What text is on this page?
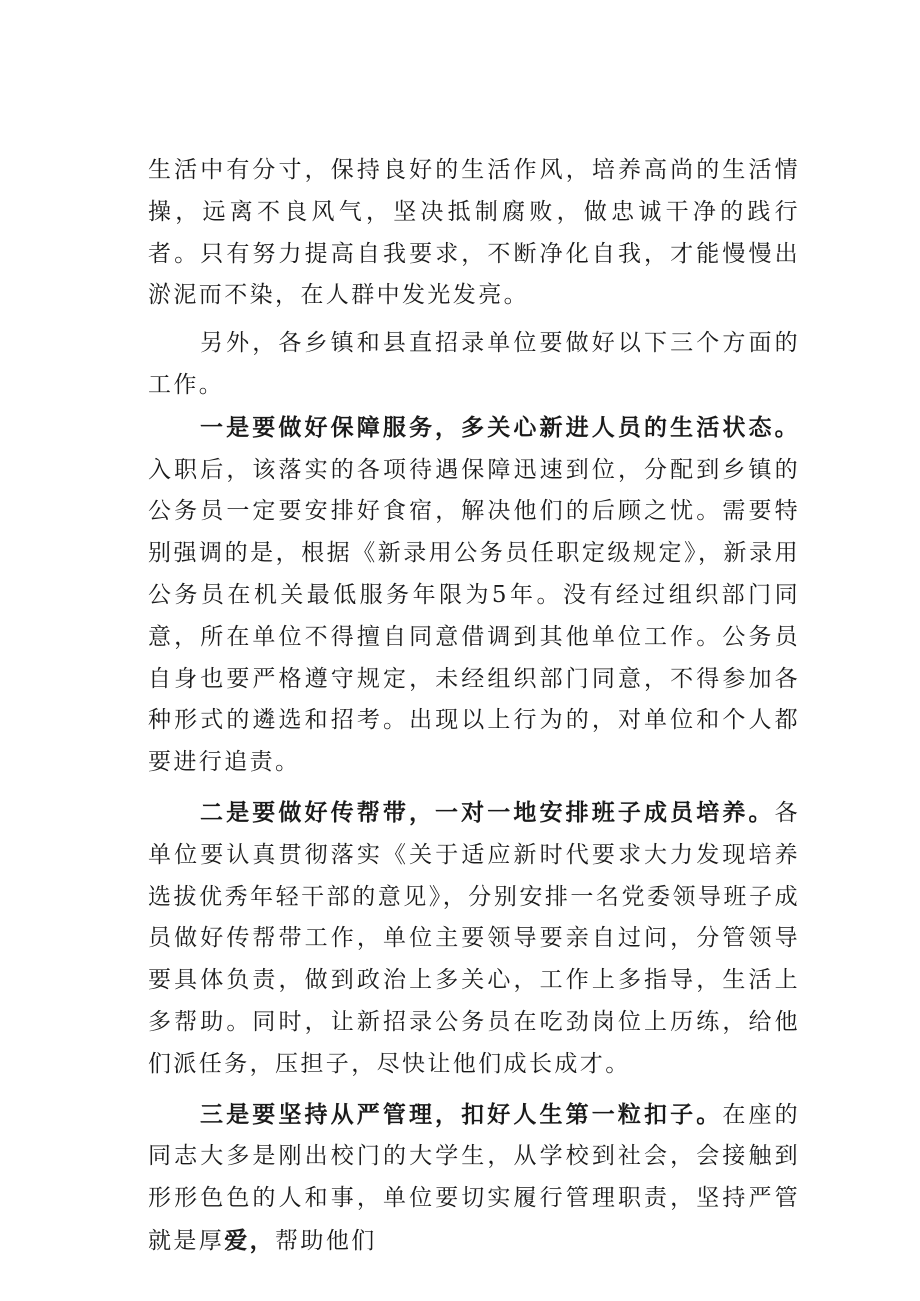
生活中有分寸，保持良好的生活作风，培养高尚的生活情操，远离不良风气，坚决抵制腐败，做忠诚干净的践行者。只有努力提高自我要求，不断净化自我，才能慢慢出淤泥而不染，在人群中发光发亮。

另外，各乡镇和县直招录单位要做好以下三个方面的工作。

一是要做好保障服务，多关心新进人员的生活状态。入职后，该落实的各项待遇保障迅速到位，分配到乡镇的公务员一定要安排好食宿，解决他们的后顾之忧。需要特别强调的是，根据《新录用公务员任职定级规定》，新录用公务员在机关最低服务年限为5年。没有经过组织部门同意，所在单位不得擅自同意借调到其他单位工作。公务员自身也要严格遵守规定，未经组织部门同意，不得参加各种形式的遴选和招考。出现以上行为的，对单位和个人都要进行追责。

二是要做好传帮带，一对一地安排班子成员培养。各单位要认真贯彻落实《关于适应新时代要求大力发现培养选拔优秀年轻干部的意见》，分别安排一名党委领导班子成员做好传帮带工作，单位主要领导要亲自过问，分管领导要具体负责，做到政治上多关心，工作上多指导，生活上多帮助。同时，让新招录公务员在吃劲岗位上历练，给他们派任务，压担子，尽快让他们成长成才。

三是要坚持从严管理，扣好人生第一粒扣子。在座的同志大多是刚出校门的大学生，从学校到社会，会接触到形形色色的人和事，单位要切实履行管理职责，坚持严管就是厚爱，帮助他们
